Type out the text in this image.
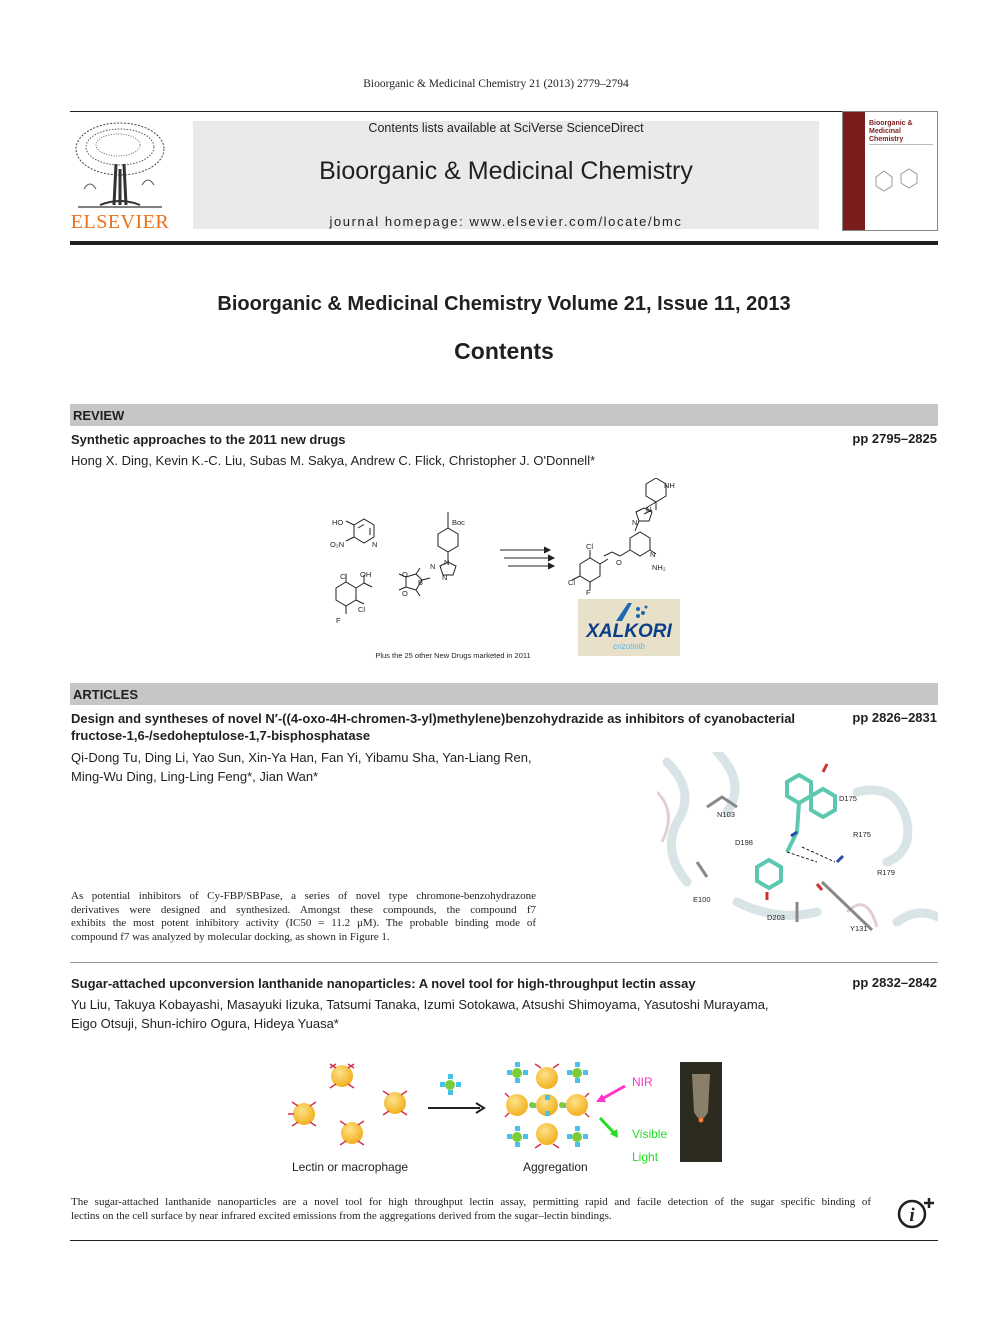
Bioorganic & Medicinal Chemistry 21 (2013) 2779–2794
ELSEVIER
Contents lists available at SciVerse ScienceDirect
Bioorganic & Medicinal Chemistry
journal homepage: www.elsevier.com/locate/bmc
Bioorganic & Medicinal Chemistry
Bioorganic & Medicinal Chemistry Volume 21, Issue 11, 2013
Contents
REVIEW
Synthetic approaches to the 2011 new drugs	pp 2795–2825
Hong X. Ding, Kevin K.-C. Liu, Subas M. Sakya, Andrew C. Flick, Christopher J. O'Donnell*
HO
O₂N	N
Cl OH
Cl
F
Boc
N
N
N
B
O
O
NH
N
N
Cl
O
N
NH₂
F
Cl
XALKORI
crizotinib
Plus the 25 other New Drugs marketed in 2011
ARTICLES
Design and syntheses of novel N′-((4-oxo-4H-chromen-3-yl)methylene)benzohydrazide as inhibitors of cyanobacterial
fructose-1,6-/sedoheptulose-1,7-bisphosphatase
pp 2826–2831
Qi-Dong Tu, Ding Li, Yao Sun, Xin-Ya Han, Fan Yi, Yibamu Sha, Yan-Liang Ren,
Ming-Wu Ding, Ling-Ling Feng*, Jian Wan*
As potential inhibitors of Cy-FBP/SBPase, a series of novel type chromone-benzohydrazone
derivatives were designed and synthesized. Amongst these compounds, the compound f7
exhibits the most potent inhibitory activity (IC50 = 11.2 μM). The probable binding mode of
compound f7 was analyzed by molecular docking, as shown in Figure 1.
N103
D175
D198
R175
R179
E100
D203
Y131
Sugar-attached upconversion lanthanide nanoparticles: A novel tool for high-throughput lectin assay	pp 2832–2842
Yu Liu, Takuya Kobayashi, Masayuki Iizuka, Tatsumi Tanaka, Izumi Sotokawa, Atsushi Shimoyama, Yasutoshi Murayama,
Eigo Otsuji, Shun-ichiro Ogura, Hideya Yuasa*
NIR
Visible
Light
Lectin or macrophage	Aggregation
The sugar-attached lanthanide nanoparticles are a novel tool for high throughput lectin assay, permitting rapid and facile detection of the sugar specific binding of
lectins on the cell surface by near infrared excited emissions from the aggregations derived from the sugar–lectin bindings.	i
